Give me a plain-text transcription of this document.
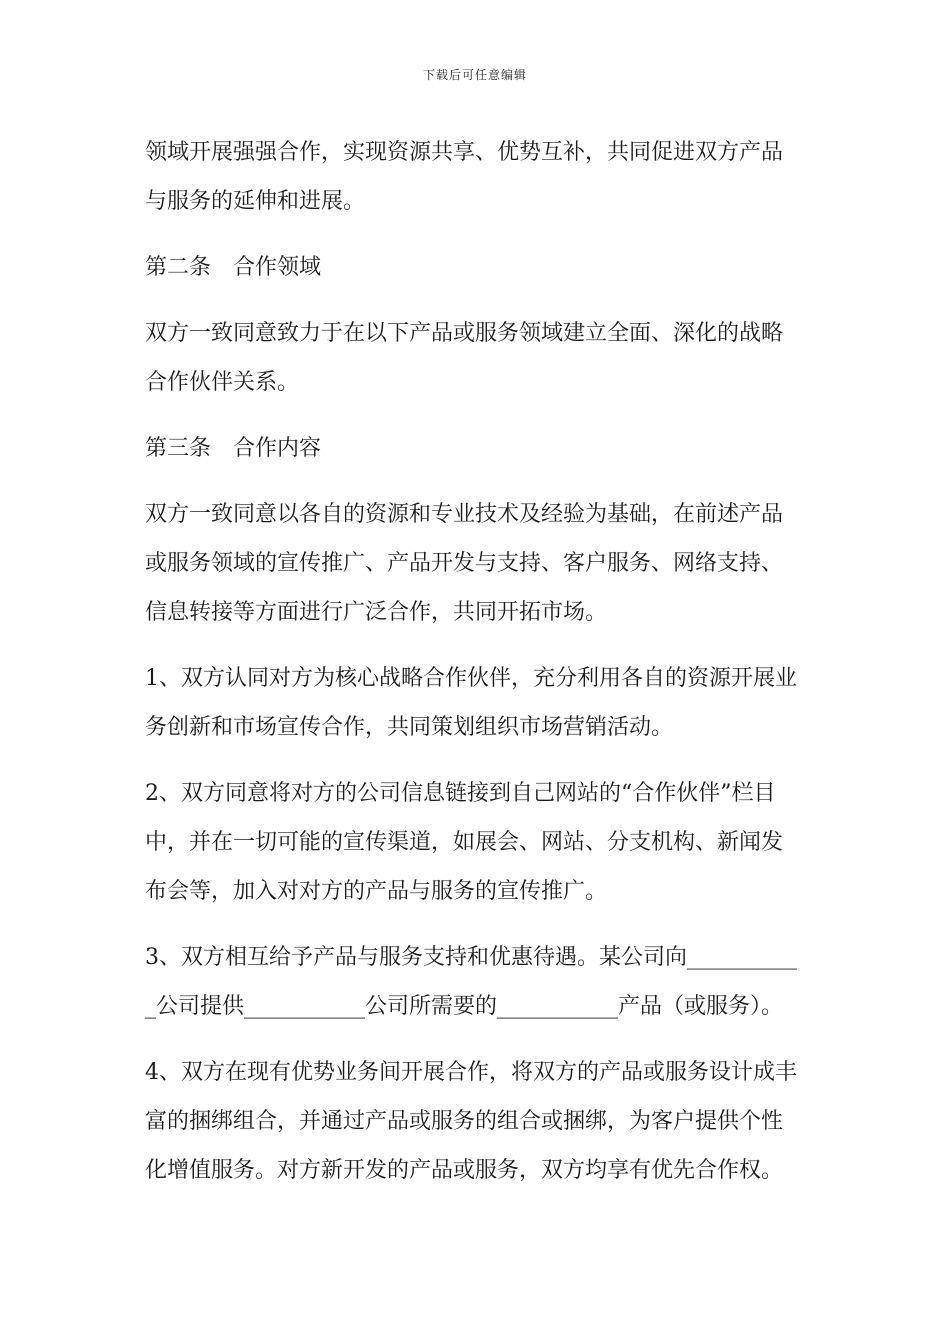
下载后可任意编辑
领域开展强强合作，实现资源共享、优势互补，共同促进双方产品
与服务的延伸和进展。
第二条　合作领域
双方一致同意致力于在以下产品或服务领域建立全面、深化的战略
合作伙伴关系。
第三条　合作内容
双方一致同意以各自的资源和专业技术及经验为基础，在前述产品
或服务领域的宣传推广、产品开发与支持、客户服务、网络支持、
信息转接等方面进行广泛合作，共同开拓市场。
1、双方认同对方为核心战略合作伙伴，充分利用各自的资源开展业
务创新和市场宣传合作，共同策划组织市场营销活动。
2、双方同意将对方的公司信息链接到自己网站的“合作伙伴”栏目
中，并在一切可能的宣传渠道，如展会、网站、分支机构、新闻发
布会等，加入对对方的产品与服务的宣传推广。
3、双方相互给予产品与服务支持和优惠待遇。某公司向__________
_公司提供___________公司所需要的___________产品（或服务）。
4、双方在现有优势业务间开展合作，将双方的产品或服务设计成丰
富的捆绑组合，并通过产品或服务的组合或捆绑，为客户提供个性
化增值服务。对方新开发的产品或服务，双方均享有优先合作权。
